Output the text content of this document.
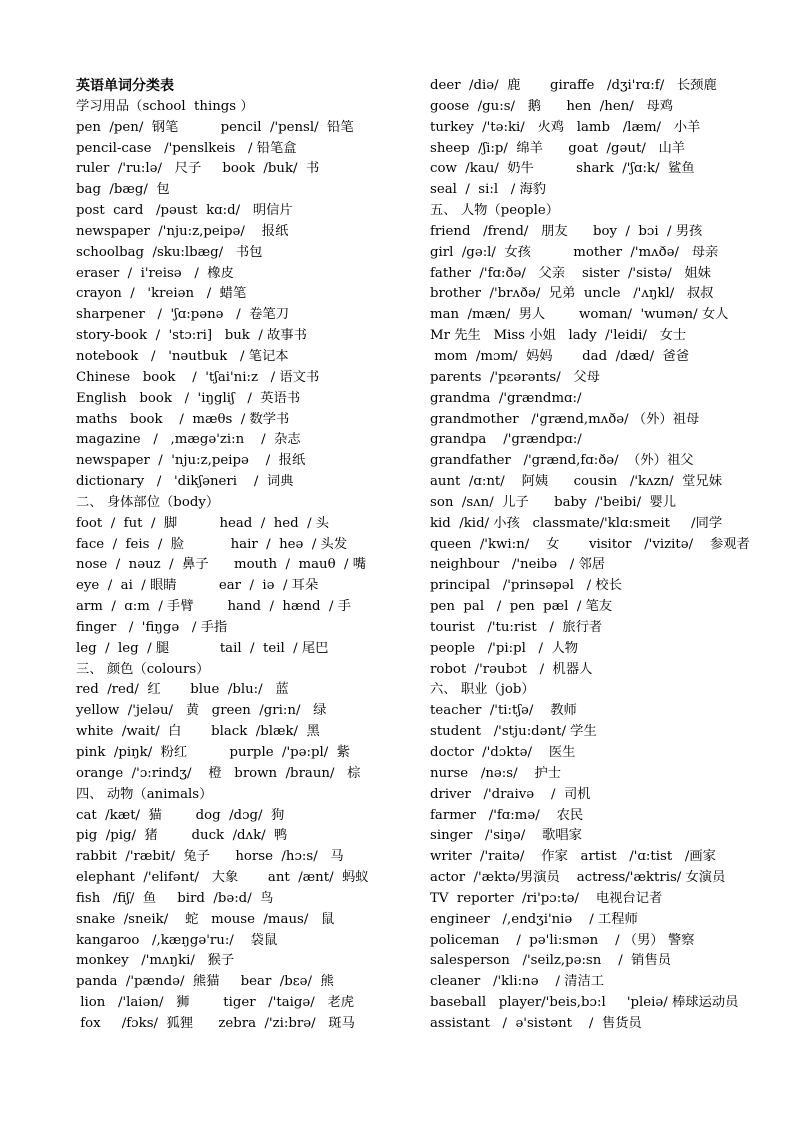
英语单词分类表
学习用品（school  things ）
pen  /pen/  钢笔          pencil  /'pensl/  铅笔
pencil-case   /'penslkeis   / 铅笔盒
ruler  /'ru:lə/   尺子     book  /buk/  书
bag  /bæg/  包
post  card   /pəust  kɑ:d/   明信片
newspaper  /'nju:z,peipə/    报纸
schoolbag  /sku:lbæg/   书包
eraser  /  i'reisə   /  橡皮
crayon  /   'kreiən   /  蜡笔
sharpener   /  'ʃɑ:pənə   /  卷笔刀
story-book  /  'stɔ:ri]   buk  / 故事书
notebook   /   'nəutbuk   / 笔记本
Chinese   book    /  'tʃai'ni:z   / 语文书
English   book   /  'iŋgliʃ   /  英语书
maths   book    /  mæθs  / 数学书
magazine   /   ,mægə'zi:n    /  杂志
newspaper  /  'nju:z,peipə    /  报纸
dictionary   /   'dikʃəneri    /  词典
二、 身体部位（body）
foot  /  fut  /  脚          head  /  hed  / 头
face  /  feis  /  脸           hair  /  heə  / 头发
nose  /  nəuz  /  鼻子      mouth  /  mauθ  / 嘴
eye  /  ai  / 眼睛          ear  /  iə  / 耳朵
arm  /  ɑ:m  / 手臂        hand  /  hænd  / 手
finger   /  'fiŋgə   / 手指
leg  /  leg  / 腿            tail  /  teil  / 尾巴
三、 颜色（colours）
red  /red/  红       blue  /blu:/   蓝
yellow  /'jeləu/   黄   green  /gri:n/   绿
white  /wait/  白       black  /blæk/  黑
pink  /piŋk/  粉红          purple  /'pə:pl/  紫
orange  /'ɔ:rindʒ/    橙   brown  /braun/   棕
四、 动物（animals）
cat  /kæt/  猫        dog  /dɔg/  狗
pig  /pig/  猪        duck  /dʌk/  鸭
rabbit  /'ræbit/  兔子      horse  /hɔ:s/   马
elephant  /'elifənt/   大象       ant  /ænt/  蚂蚁
fish   /fiʃ/  鱼     bird  /bə:d/  鸟
snake  /sneik/    蛇   mouse  /maus/   鼠
kangaroo   /,kæŋgə'ru:/    袋鼠
monkey   /'mʌŋki/   猴子
panda  /'pændə/  熊猫     bear  /bεə/  熊
lion   /'laiən/   狮        tiger   /'taigə/   老虎
fox     /fɔks/  狐狸      zebra  /'zi:brə/   斑马
deer  /diə/  鹿       giraffe   /dʒi'rɑ:f/   长颈鹿
goose  /gu:s/   鹅      hen  /hen/   母鸡
turkey  /'tə:ki/   火鸡   lamb   /læm/   小羊
sheep  /ʃi:p/  绵羊      goat  /gəut/   山羊
cow  /kau/  奶牛          shark  /'ʃɑ:k/  鲨鱼
seal  /  si:l   / 海豹
五、 人物（people）
friend   /frend/   朋友      boy  /  bɔi  / 男孩
girl  /gə:l/  女孩          mother  /'mʌðə/   母亲
father  /'fɑ:ðə/   父亲    sister  /'sistə/   姐妹
brother  /'brʌðə/  兄弟  uncle   /'ʌŋkl/   叔叔
man  /mæn/  男人        woman/  'wumən/ 女人
Mr 先生   Miss 小姐   lady  /'leidi/   女士
mom  /mɔm/  妈妈       dad  /dæd/  爸爸
parents  /'pεərənts/   父母
grandma  /'grændmɑ:/
grandmother   /'grænd,mʌðə/ （外）祖母
grandpa    /'grændpɑ:/
grandfather   /'grænd,fɑ:ðə/  （外）祖父
aunt  /ɑ:nt/    阿姨      cousin   /'kʌzn/  堂兄妹
son  /sʌn/  儿子      baby  /'beibi/  婴儿
kid  /kid/ 小孩   classmate/'klɑ:smeit     /同学
queen  /'kwi:n/    女       visitor   /'vizitə/    参观者
neighbour   /'neibə   / 邻居
principal   /'prinsəpəl   / 校长
pen  pal   /  pen  pæl  / 笔友
tourist   /'tu:rist   /  旅行者
people   /'pi:pl   /  人物
robot  /'rəubɔt   /  机器人
六、 职业（job）
teacher  /'ti:tʃə/    教师
student   /'stju:dənt/ 学生
doctor  /'dɔktə/    医生
nurse   /nə:s/    护士
driver   /'draivə    /  司机
farmer   /'fɑ:mə/    农民
singer   /'siŋə/    歌唱家
writer  /'raitə/    作家   artist   /'ɑ:tist   /画家
actor  /'æktə/男演员    actress/'æktris/ 女演员
TV  reporter  /ri'pɔ:tə/    电视台记者
engineer   /,endʒi'niə    / 工程师
policeman    /  pə'li:smən    / （男） 警察
salesperson   /'seilz,pə:sn    /  销售员
cleaner   /'kli:nə    / 清洁工
baseball   player/'beis,bɔ:l     'pleiə/ 棒球运动员
assistant   /  ə'sistənt    /  售货员
